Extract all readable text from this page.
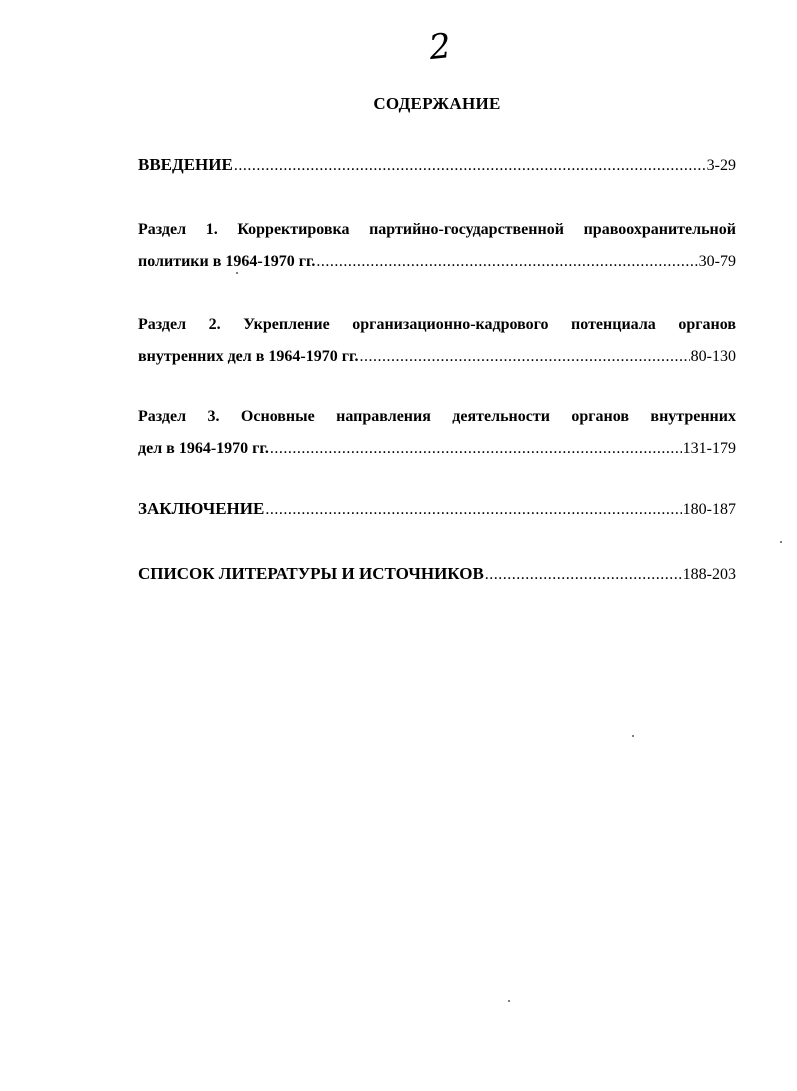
2
СОДЕРЖАНИЕ
ВВЕДЕНИЕ .....	3-29
Раздел 1. Корректировка партийно-государственной правоохранительной
политики в 1964-1970 гг. .....	30-79
Раздел 2. Укрепление организационно-кадрового потенциала органов
внутренних дел в 1964-1970 гг. .....	80-130
Раздел 3. Основные направления деятельности органов внутренних
дел в 1964-1970 гг. .....	131-179
ЗАКЛЮЧЕНИЕ .....	180-187
СПИСОК ЛИТЕРАТУРЫ И ИСТОЧНИКОВ .....	188-203
